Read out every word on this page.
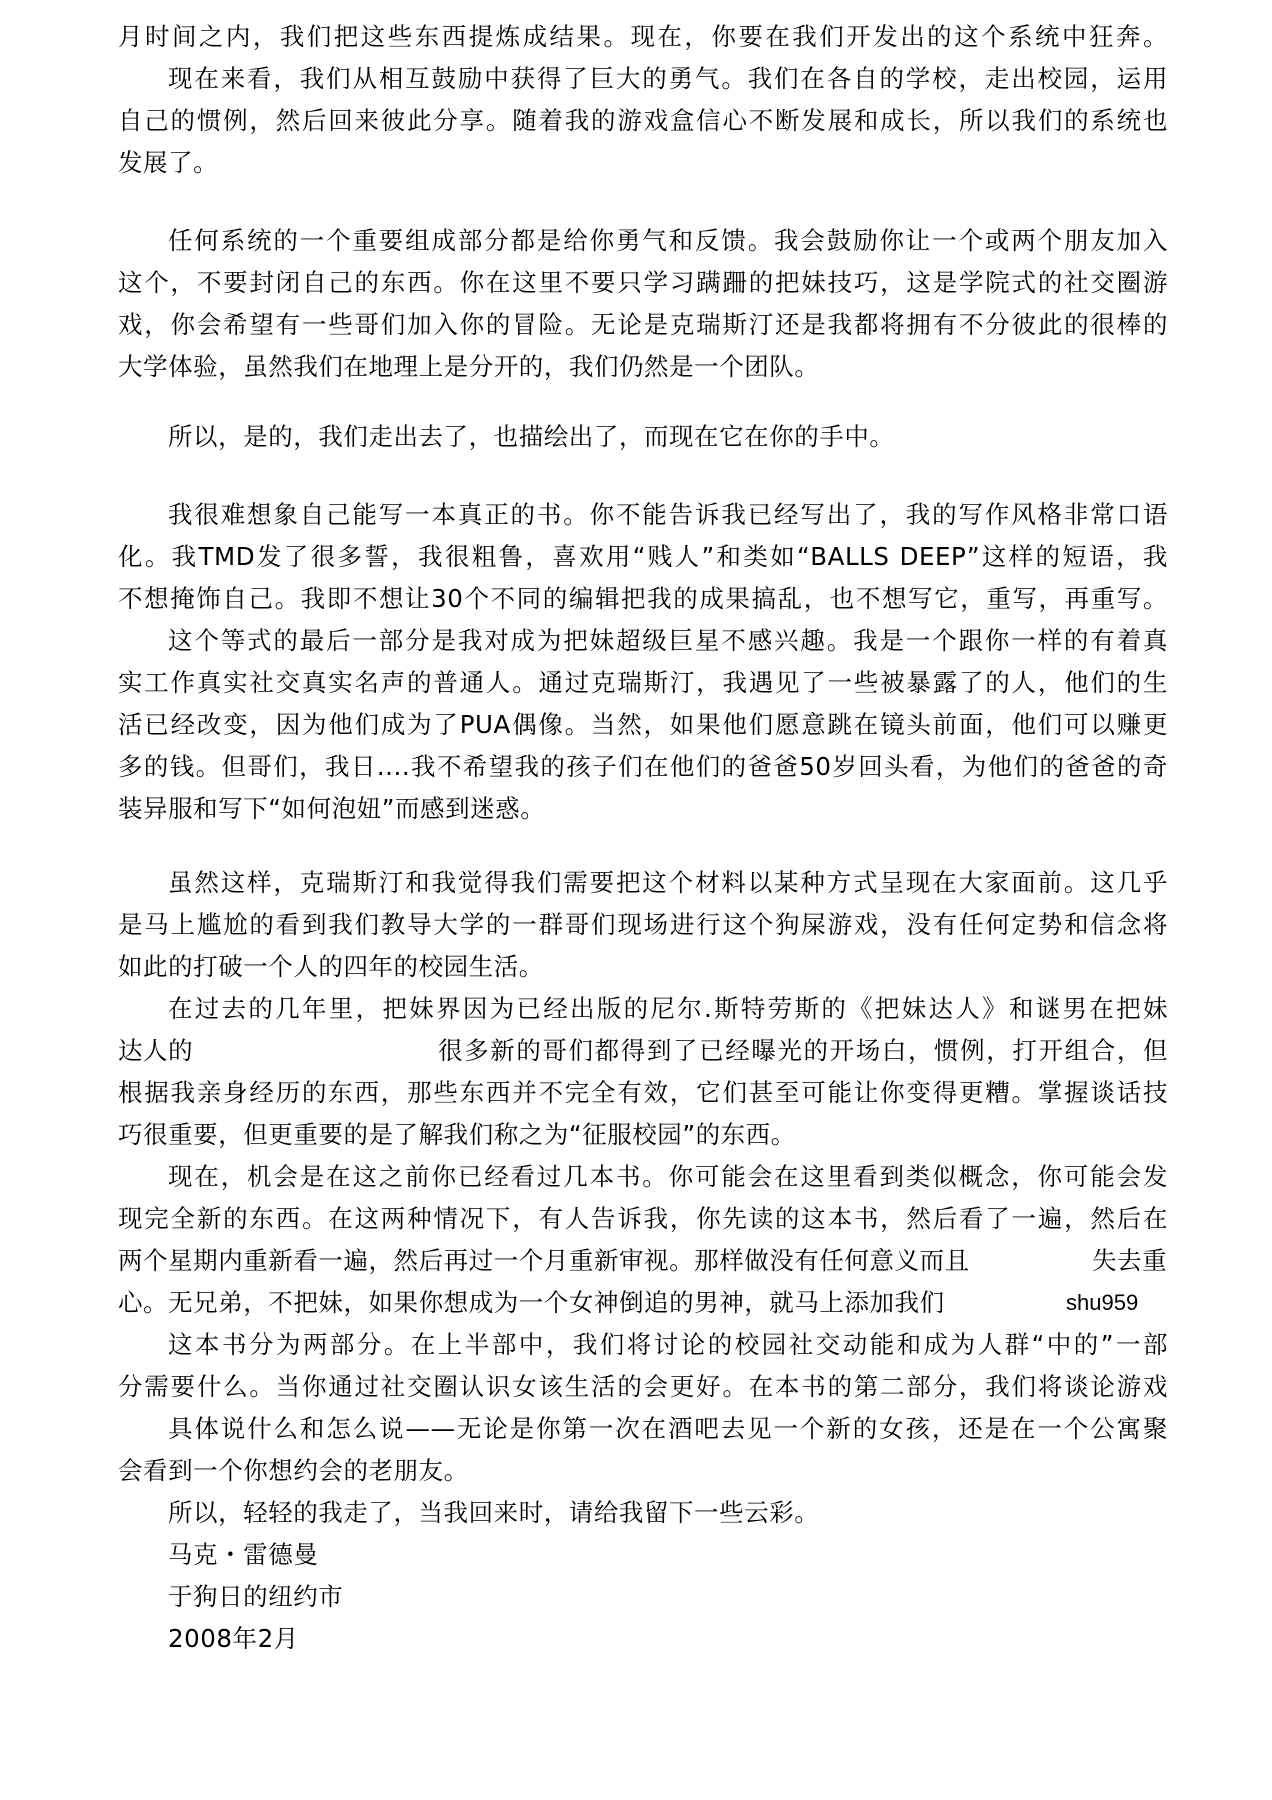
月时间之内，我们把这些东西提炼成结果。现在，你要在我们开发出的这个系统中狂奔。
现在来看，我们从相互鼓励中获得了巨大的勇气。我们在各自的学校，走出校园，运用
自己的惯例，然后回来彼此分享。随着我的游戏盒信心不断发展和成长，所以我们的系统也
发展了。
任何系统的一个重要组成部分都是给你勇气和反馈。我会鼓励你让一个或两个朋友加入
这个，不要封闭自己的东西。你在这里不要只学习蹒跚的把妹技巧，这是学院式的社交圈游
戏，你会希望有一些哥们加入你的冒险。无论是克瑞斯汀还是我都将拥有不分彼此的很棒的
大学体验，虽然我们在地理上是分开的，我们仍然是一个团队。
所以，是的，我们走出去了，也描绘出了，而现在它在你的手中。
我很难想象自己能写一本真正的书。你不能告诉我已经写出了，我的写作风格非常口语
化。我TMD发了很多誓，我很粗鲁，喜欢用“贱人”和类如“BALLS DEEP”这样的短语，我
不想掩饰自己。我即不想让30个不同的编辑把我的成果搞乱，也不想写它，重写，再重写。
这个等式的最后一部分是我对成为把妹超级巨星不感兴趣。我是一个跟你一样的有着真
实工作真实社交真实名声的普通人。通过克瑞斯汀，我遇见了一些被暴露了的人，他们的生
活已经改变，因为他们成为了PUA偶像。当然，如果他们愿意跳在镜头前面，他们可以赚更
多的钱。但哥们，我日....我不希望我的孩子们在他们的爸爸50岁回头看，为他们的爸爸的奇
装异服和写下“如何泡妞”而感到迷惑。
虽然这样，克瑞斯汀和我觉得我们需要把这个材料以某种方式呈现在大家面前。这几乎
是马上尴尬的看到我们教导大学的一群哥们现场进行这个狗屎游戏，没有任何定势和信念将
如此的打破一个人的四年的校园生活。
在过去的几年里，把妹界因为已经出版的尼尔.斯特劳斯的《把妹达人》和谜男在把妹
达人的	很多新的哥们都得到了已经曝光的开场白，惯例，打开组合，但
根据我亲身经历的东西，那些东西并不完全有效，它们甚至可能让你变得更糟。掌握谈话技
巧很重要，但更重要的是了解我们称之为“征服校园”的东西。
现在，机会是在这之前你已经看过几本书。你可能会在这里看到类似概念，你可能会发
现完全新的东西。在这两种情况下，有人告诉我，你先读的这本书，然后看了一遍，然后在
两个星期内重新看一遍，然后再过一个月重新审视。那样做没有任何意义而且	失去重
心。无兄弟，不把妹，如果你想成为一个女神倒追的男神，就马上添加我们	shu959
这本书分为两部分。在上半部中，我们将讨论的校园社交动能和成为人群“中的”一部
分需要什么。当你通过社交圈认识女该生活的会更好。在本书的第二部分，我们将谈论游戏
具体说什么和怎么说——无论是你第一次在酒吧去见一个新的女孩，还是在一个公寓聚
会看到一个你想约会的老朋友。
所以，轻轻的我走了，当我回来时，请给我留下一些云彩。
马克・雷德曼
于狗日的纽约市
2008年2月
